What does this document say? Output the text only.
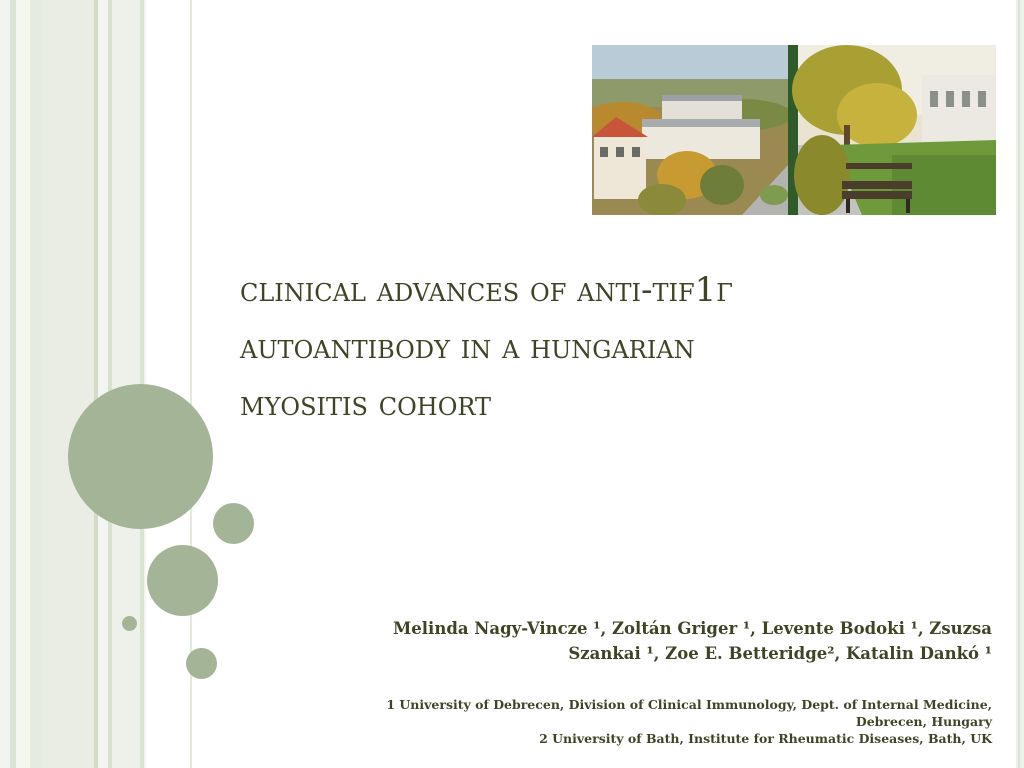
clinical advances of anti-tif1γ
autoantibody in a hungarian
myositis cohort

Melinda Nagy-Vincze ¹, Zoltán Griger ¹, Levente Bodoki ¹, Zsuzsa
Szankai ¹, Zoe E. Betteridge², Katalin Dankó ¹

1 University of Debrecen, Division of Clinical Immunology, Dept. of Internal Medicine,
Debrecen, Hungary
2 University of Bath, Institute for Rheumatic Diseases, Bath, UK
